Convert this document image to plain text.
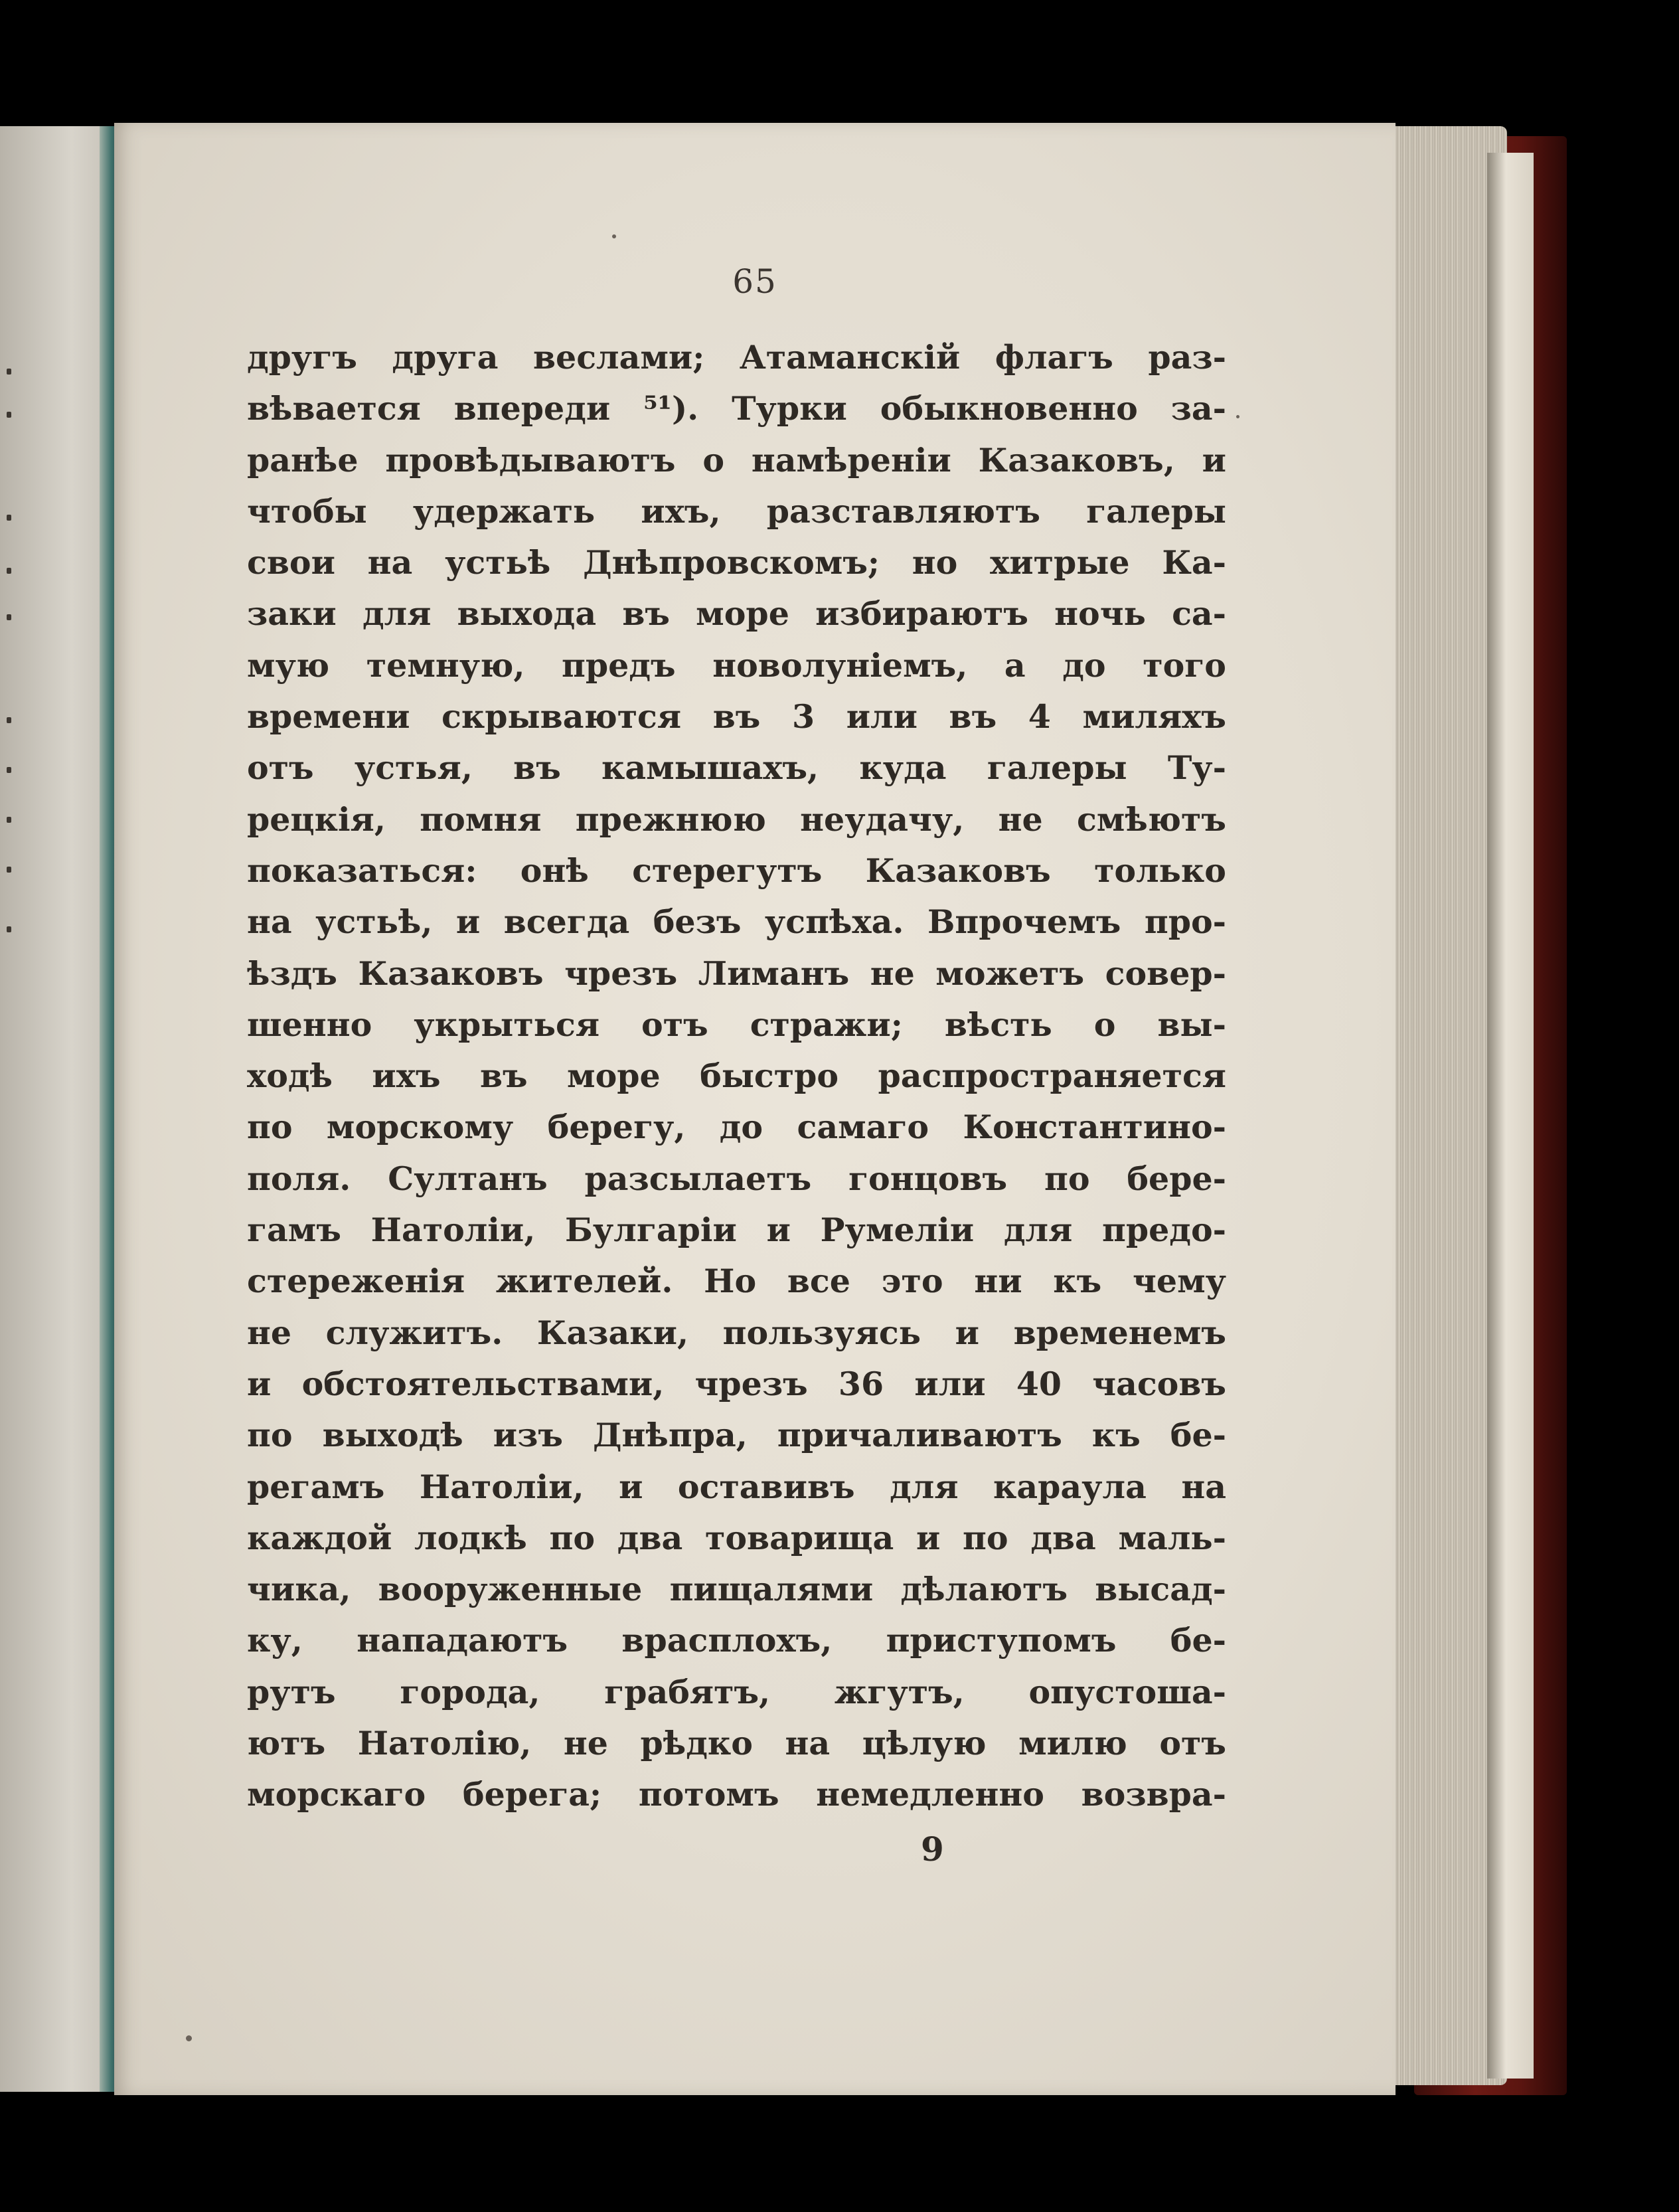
65
другъ друга веслами; Атаманскій флагъ раз-
вѣвается впереди ⁵¹). Турки обыкновенно за-
ранѣе провѣдываютъ о намѣреніи Казаковъ, и
чтобы удержать ихъ, разставляютъ галеры
свои на устьѣ Днѣпровскомъ; но хитрые Ка-
заки для выхода въ море избираютъ ночь са-
мую темную, предъ новолуніемъ, а до того
времени скрываются въ 3 или въ 4 миляхъ
отъ устья, въ камышахъ, куда галеры Ту-
рецкія, помня прежнюю неудачу, не смѣютъ
показаться: онѣ стерегутъ Казаковъ только
на устьѣ, и всегда безъ успѣха. Впрочемъ про-
ѣздъ Казаковъ чрезъ Лиманъ не можетъ совер-
шенно укрыться отъ стражи; вѣсть о вы-
ходѣ ихъ въ море быстро распространяется
по морскому берегу, до самаго Константино-
поля. Султанъ разсылаетъ гонцовъ по бере-
гамъ Натоліи, Булгаріи и Румеліи для предо-
стереженія жителей. Но все это ни къ чему
не служитъ. Казаки, пользуясь и временемъ
и обстоятельствами, чрезъ 36 или 40 часовъ
по выходѣ изъ Днѣпра, причаливаютъ къ бе-
регамъ Натоліи, и оставивъ для караула на
каждой лодкѣ по два товарища и по два маль-
чика, вооруженные пищалями дѣлаютъ высад-
ку, нападаютъ врасплохъ, приступомъ бе-
рутъ города, грабятъ, жгутъ, опустоша-
ютъ Натолію, не рѣдко на цѣлую милю отъ
морскаго берега; потомъ немедленно возвра-
9
